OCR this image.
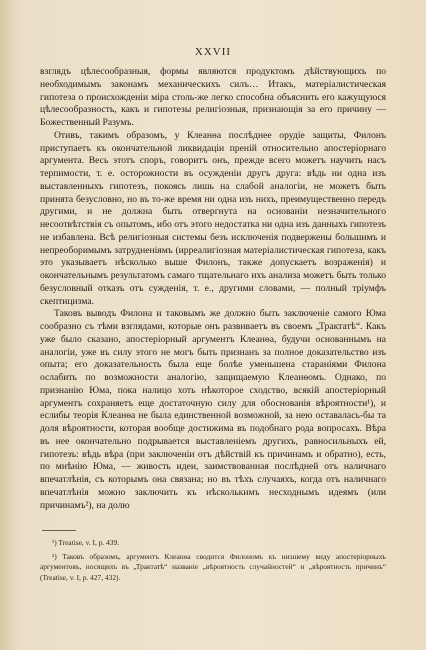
XXVII

взглядъ цѣлесообразныя, формы являются продуктомъ дѣйствующихъ по необходимымъ законамъ механическихъ силъ… Итакъ, матеріалистическая гипотеза о происхожденіи міра столь-же легко способна объяснить его кажущуюся цѣлесообразность, какъ и гипотезы религіозныя, признающія за его причину — Божественный Разумъ.

Отивъ, такимъ образомъ, у Клеанѳа послѣднее орудіе защиты, Филонъ приступаетъ къ окончательной ликвидаціи преній относительно апостеріорнаго аргумента. Весь этотъ споръ, говоритъ онъ, прежде всего можетъ научить насъ терпимости, т. е. осторожности въ осужденіи другъ друга: вѣдь ни одна изъ выставленныхъ гипотезъ, покоясь лишь на слабой аналогіи, не можетъ быть принята безусловно, но въ то-же время ни одна изъ нихъ, преимущественно передъ другими, и не должна быть отвергнута на основаніи незначительного несоотвѣтствія съ опытомъ, ибо отъ этого недостатка ни одна изъ данныхъ гипотезъ не избавлена. Всѣ религіозныя системы безъ исключенія подвержены большимъ и непреоборимымъ затрудненіямъ (ирреалигіозная матеріалистическая гипотеза, какъ это указываетъ нѣсколько выше Филонъ, также допускаетъ возраженія) и окончательнымъ результатомъ самаго тщательнаго ихъ анализа можетъ быть только безусловный отказъ отъ сужденія, т. е., другими словами, — полный тріумфъ скептицизма.

Таковъ выводъ Филона и таковымъ же должно быть заключеніе самого Юма сообразно съ тѣми взглядами, которые онъ развиваетъ въ своемъ „Трактатѣ“. Какъ уже было сказано, апостеріорный аргументъ Клеанѳа, будучи основаннымъ на аналогіи, уже въ силу этого не могъ быть признанъ за полное доказательство изъ опыта; его доказательность была еще болѣе уменьшена стараніями Филона ослабить по возможности аналогію, защищаемую Клеанѳомъ. Однако, по признанію Юма, пока налицо хоть нѣкоторое сходство, всякій апостеріорный аргументъ сохраняетъ еще достаточную силу для обоснованія вѣроятности¹), и еслибы теорія Клеанѳа не была единственной возможной, за нею оставалась-бы та доля вѣроятности, которая вообще достижима въ подобнаго рода вопросахъ. Вѣра въ нее окончательно подрывается выставленіемъ другихъ, равносильныхъ ей, гипотезъ: вѣдь вѣра (при заключеніи отъ дѣйствій къ причинамъ и обратно), есть, по мнѣнію Юма, — живость идеи, заимствованная послѣдней отъ наличнаго впечатлѣнія, съ которымъ она связана; но въ тѣхъ случаяхъ, когда отъ наличнаго впечатлѣнія можно заключить къ нѣсколькимъ несходнымъ идеямъ (или причинамъ²), на долю

¹) Treatise, v. I, p. 439.

²) Таковъ образомъ, аргументъ Клеанѳа сводится Филономъ къ низшему виду апостеріорныхъ аргументовъ, носящихъ въ „Трактатѣ“ названіе „вѣроятность случайностей“ и „вѣроятность причинъ“ (Treatise, v. I, p. 427, 432).
